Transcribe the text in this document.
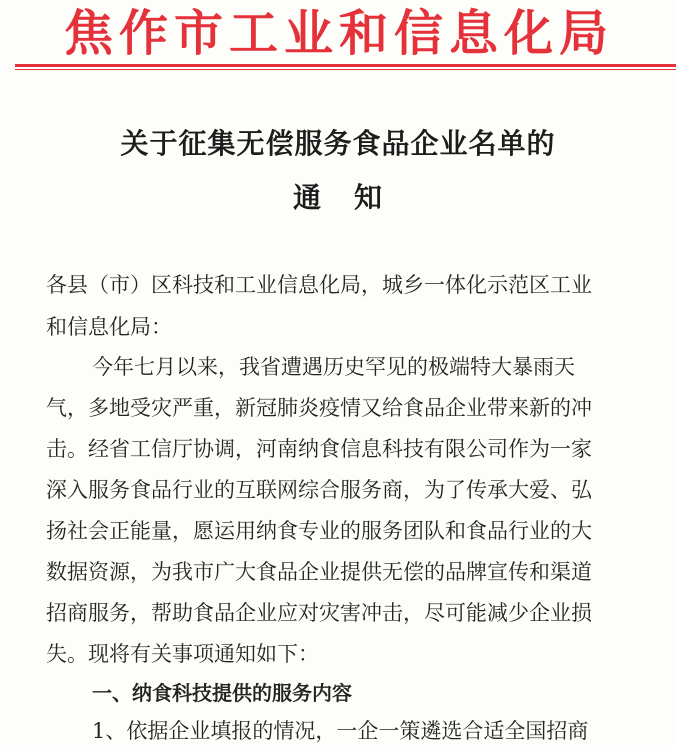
焦作市工业和信息化局
关于征集无偿服务食品企业名单的
通 知
各县（市）区科技和工业信息化局，城乡一体化示范区工业
和信息化局：
今年七月以来，我省遭遇历史罕见的极端特大暴雨天
气，多地受灾严重，新冠肺炎疫情又给食品企业带来新的冲
击。经省工信厅协调，河南纳食信息科技有限公司作为一家
深入服务食品行业的互联网综合服务商，为了传承大爱、弘
扬社会正能量，愿运用纳食专业的服务团队和食品行业的大
数据资源，为我市广大食品企业提供无偿的品牌宣传和渠道
招商服务，帮助食品企业应对灾害冲击，尽可能减少企业损
失。现将有关事项通知如下：
一、纳食科技提供的服务内容
1、依据企业填报的情况，一企一策遴选合适全国招商
